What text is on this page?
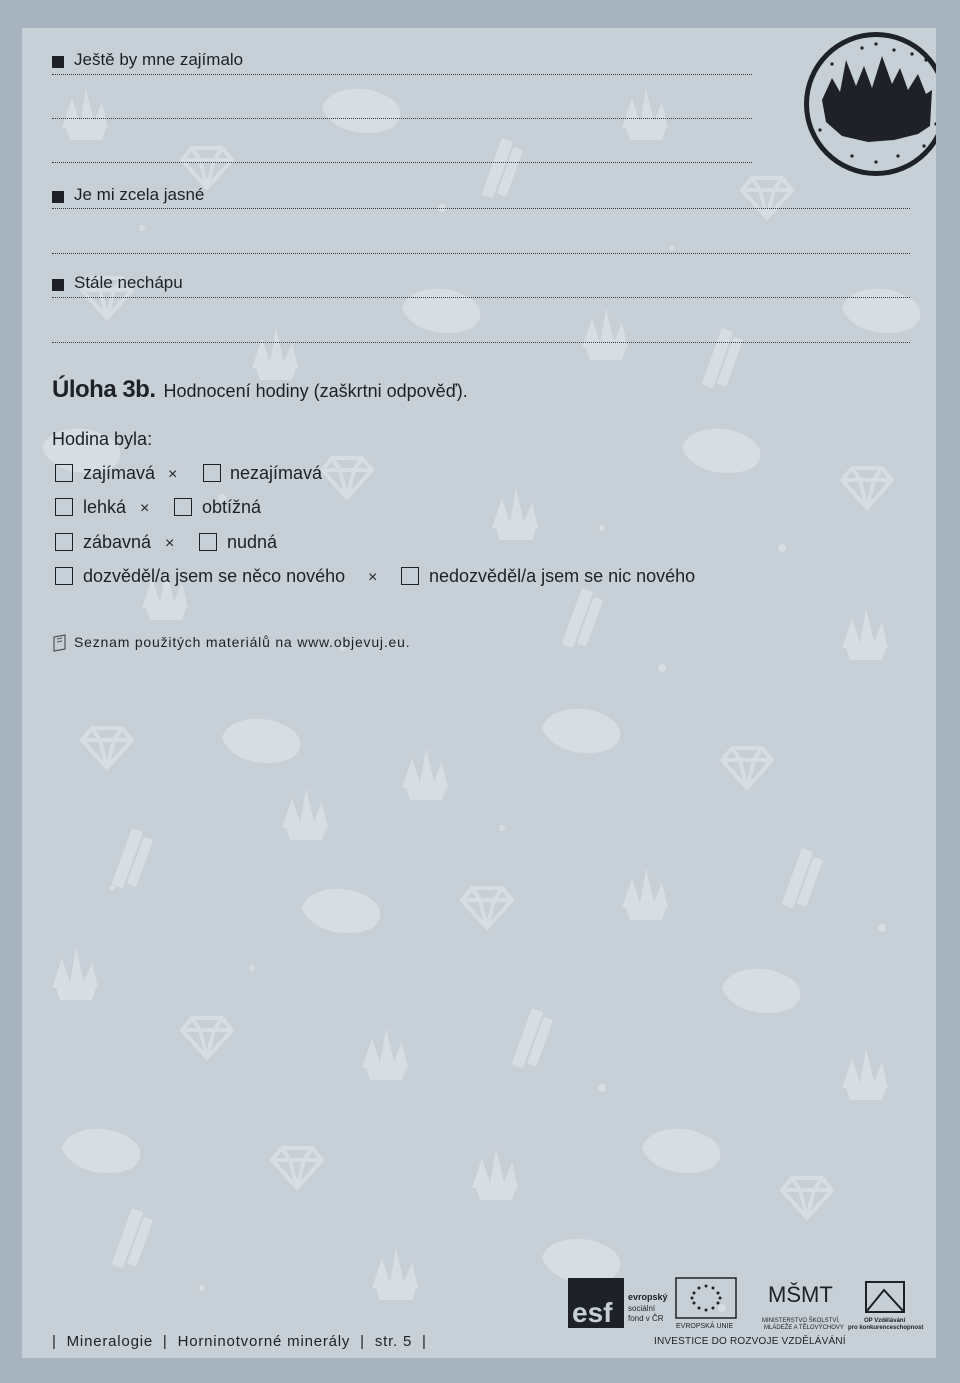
Ještě by mne zajímalo
Je mi zcela jasné
Stále nechápu
Úloha 3b. Hodnocení hodiny (zaškrtni odpověď).
Hodina byla:
zajímavá ×	nezajímavá
lehká ×	obtížná
zábavná ×	nudná
dozvěděl/a jsem se něco nového ×	nedozvěděl/a jsem se nic nového
Seznam použitých materiálů na www.objevuj.eu.
|  Mineralogie  |  Horninotvorné minerály  |  str. 5  |
esf evropský
sociální
fond v ČR
EVROPSKÁ UNIE
MŠMT
MINISTERSTVO ŠKOLSTVÍ,
MLÁDEŽE A TĚLOVÝCHOVY
OP Vzdělávání
pro konkurenceschopnost
INVESTICE DO ROZVOJE VZDĚLÁVÁNÍ
